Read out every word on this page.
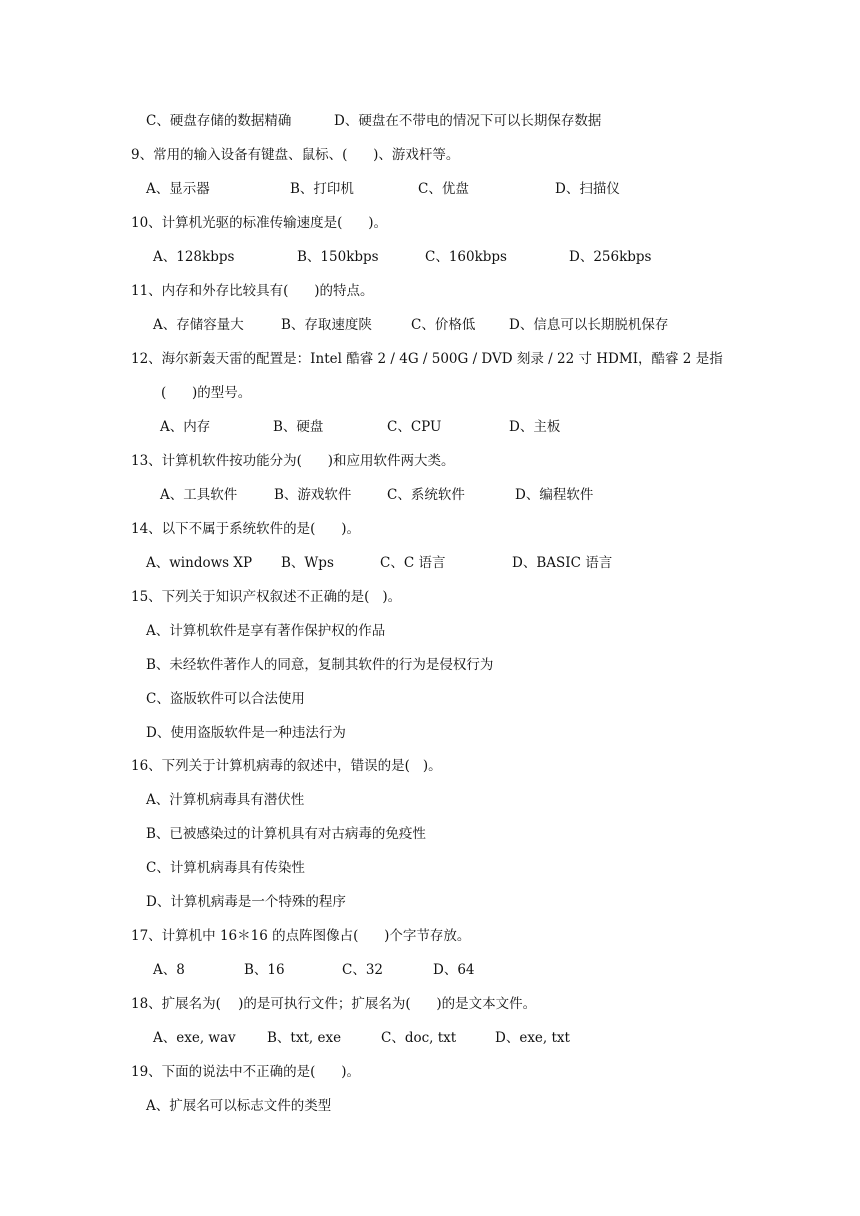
C、硬盘存储的数据精确	D、硬盘在不带电的情况下可以长期保存数据
9、常用的输入设备有键盘、鼠标、(      )、游戏杆等。
A、显示器	B、打印机	C、优盘	D、扫描仪
10、计算机光驱的标准传输速度是(      )。
A、128kbps	B、150kbps	C、160kbps	D、256kbps
11、内存和外存比较具有(      )的特点。
A、存储容量大	B、存取速度陕	C、价格低 D、信息可以长期脱机保存
12、海尔新轰天雷的配置是：Intel 酷睿 2 / 4G / 500G / DVD 刻录 / 22 寸 HDMI，酷睿 2 是指
(      )的型号。
A、内存	B、硬盘	C、CPU	D、主板
13、计算机软件按功能分为(      )和应用软件两大类。
A、工具软件	B、游戏软件	C、系统软件	D、编程软件
14、以下不属于系统软件的是(      )。
A、windows XP B、Wps	C、C 语言	D、BASIC 语言
15、下列关于知识产权叙述不正确的是(   )。
A、计算机软件是享有著作保护权的作品
B、未经软件著作人的同意，复制其软件的行为是侵权行为
C、盗版软件可以合法使用
D、使用盗版软件是一种违法行为
16、下列关于计算机病毒的叙述中，错误的是(   )。
A、汁算机病毒具有潜伏性
B、已被感染过的计算机具有对古病毒的免疫性
C、计算机病毒具有传染性
D、计算机病毒是一个特殊的程序
17、计算机中 16＊16 的点阵图像占(      )个字节存放。
A、8	B、16	C、32	D、64
18、扩展名为(    )的是可执行文件；扩展名为(      )的是文本文件。
A、exe, wav B、txt, exe	C、doc, txt	D、exe, txt
19、下面的说法中不正确的是(      )。
A、扩展名可以标志文件的类型
